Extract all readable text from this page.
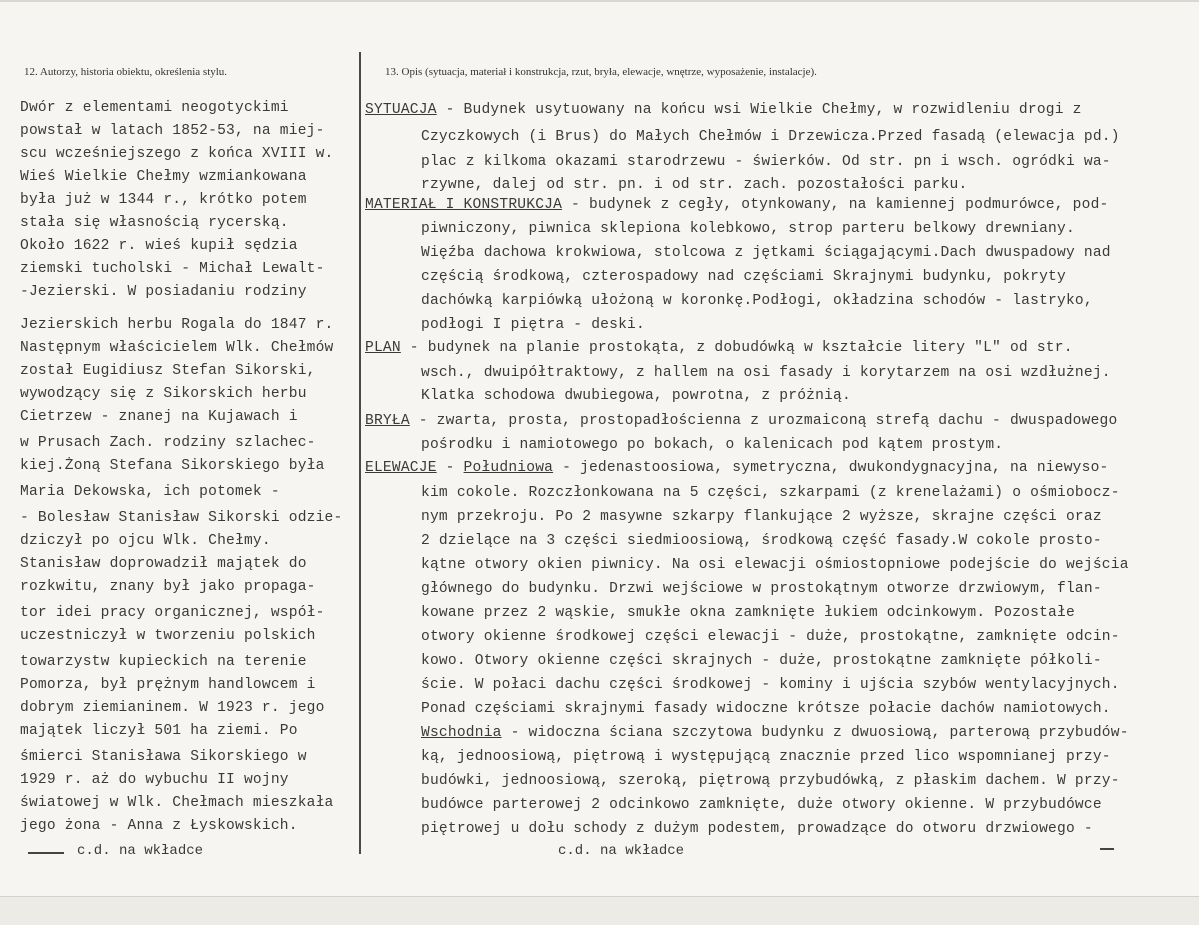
12. Autorzy, historia obiektu, określenia stylu.	13. Opis (sytuacja, materiał i konstrukcja, rzut, bryła, elewacje, wnętrze, wyposażenie, instalacje).
Dwór z elementami neogotyckimi
powstał w latach 1852-53, na miej-
scu wcześniejszego z końca XVIII w.
Wieś Wielkie Chełmy wzmiankowana
była już w 1344 r., krótko potem
stała się własnością rycerską.
Około 1622 r. wieś kupił sędzia
ziemski tucholski - Michał Lewalt-
-Jezierski. W posiadaniu rodziny
Jezierskich herbu Rogala do 1847 r.
Następnym właścicielem Wlk. Chełmów
został Eugidiusz Stefan Sikorski,
wywodzący się z Sikorskich herbu
Cietrzew - znanej na Kujawach i
w Prusach Zach. rodziny szlachec-
kiej.Żoną Stefana Sikorskiego była
Maria Dekowska, ich potomek -
- Bolesław Stanisław Sikorski odzie-
dziczył po ojcu Wlk. Chełmy.
Stanisław doprowadził majątek do
rozkwitu, znany był jako propaga-
tor idei pracy organicznej, współ-
uczestniczył w tworzeniu polskich
towarzystw kupieckich na terenie
Pomorza, był prężnym handlowcem i
dobrym ziemianinem. W 1923 r. jego
majątek liczył 501 ha ziemi. Po
śmierci Stanisława Sikorskiego w
1929 r. aż do wybuchu II wojny
światowej w Wlk. Chełmach mieszkała
jego żona - Anna z Łyskowskich.
SYTUACJA - Budynek usytuowany na końcu wsi Wielkie Chełmy, w rozwidleniu drogi z
Czyczkowych (i Brus) do Małych Chełmów i Drzewicza.Przed fasadą (elewacja pd.)
plac z kilkoma okazami starodrzewu - świerków. Od str. pn i wsch. ogródki wa-
rzywne, dalej od str. pn. i od str. zach. pozostałości parku.
MATERIAŁ I KONSTRUKCJA - budynek z cegły, otynkowany, na kamiennej podmurówce, pod-
piwniczony, piwnica sklepiona kolebkowo, strop parteru belkowy drewniany.
Więźba dachowa krokwiowa, stolcowa z jętkami ściągającymi.Dach dwuspadowy nad
częścią środkową, czterospadowy nad częściami Skrajnymi budynku, pokryty
dachówką karpiówką ułożoną w koronkę.Podłogi, okładzina schodów - lastryko,
podłogi I piętra - deski.
PLAN - budynek na planie prostokąta, z dobudówką w kształcie litery "L" od str.
wsch., dwuipółtraktowy, z hallem na osi fasady i korytarzem na osi wzdłużnej.
Klatka schodowa dwubiegowa, powrotna, z próżnią.
BRYŁA - zwarta, prosta, prostopadłościenna z urozmaiconą strefą dachu - dwuspadowego
pośrodku i namiotowego po bokach, o kalenicach pod kątem prostym.
ELEWACJE - Południowa - jedenastoosiowa, symetryczna, dwukondygnacyjna, na niewyso-
kim cokole. Rozczłonkowana na 5 części, szkarpami (z krenelażami) o ośmiobocz-
nym przekroju. Po 2 masywne szkarpy flankujące 2 wyższe, skrajne części oraz
2 dzielące na 3 części siedmioosiową, środkową część fasady.W cokole prosto-
kątne otwory okien piwnicy. Na osi elewacji ośmiostopniowe podejście do wejścia
głównego do budynku. Drzwi wejściowe w prostokątnym otworze drzwiowym, flan-
kowane przez 2 wąskie, smukłe okna zamknięte łukiem odcinkowym. Pozostałe
otwory okienne środkowej części elewacji - duże, prostokątne, zamknięte odcin-
kowo. Otwory okienne części skrajnych - duże, prostokątne zamknięte półkoli-
ście. W połaci dachu części środkowej - kominy i ujścia szybów wentylacyjnych.
Ponad częściami skrajnymi fasady widoczne krótsze połacie dachów namiotowych.
Wschodnia - widoczna ściana szczytowa budynku z dwuosiową, parterową przybudów-
ką, jednoosiową, piętrową i występującą znacznie przed lico wspomnianej przy-
budówki, jednoosiową, szeroką, piętrową przybudówką, z płaskim dachem. W przy-
budówce parterowej 2 odcinkowo zamknięte, duże otwory okienne. W przybudówce
piętrowej u dołu schody z dużym podestem, prowadzące do otworu drzwiowego -
c.d. na wkładce	c.d. na wkładce
